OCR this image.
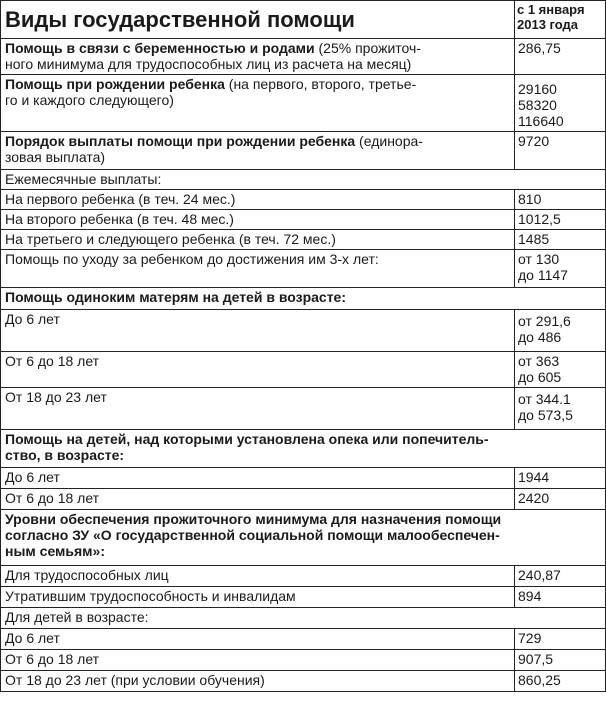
Виды государственной помощи	с 1 января
2013 года

Помощь в связи с беременностью и родами (25% прожиточ-
ного минимума для трудоспособных лиц из расчета на месяц)	286,75

Помощь при рождении ребенка (на первого, второго, третье-
го и каждого следующего)	29160
58320
116640

Порядок выплаты помощи при рождении ребенка (единора-
зовая выплата)	9720

Ежемесячные выплаты:	
На первого ребенка (в теч. 24 мес.)	810
На второго ребенка (в теч. 48 мес.)	1012,5
На третьего и следующего ребенка (в теч. 72 мес.)	1485
Помощь по уходу за ребенком до достижения им 3-х лет:	от 130
до 1147

Помощь одиноким матерям на детей в возрасте:	
До 6 лет	от 291,6
до 486

От 6 до 18 лет	от 363
до 605

От 18 до 23 лет	от 344.1
до 573,5

Помощь на детей, над которыми установлена опека или попечитель-
ство, в возрасте:	
До 6 лет	1944
От 6 до 18 лет	2420
Уровни обеспечения прожиточного минимума для назначения помощи
согласно ЗУ «О государственной социальной помощи малообеспечен-
ным семьям»:	
Для трудоспособных лиц	240,87
Утратившим трудоспособность и инвалидам	894
Для детей в возрасте:	
До 6 лет	729
От 6 до 18 лет	907,5
От 18 до 23 лет (при условии обучения)	860,25
